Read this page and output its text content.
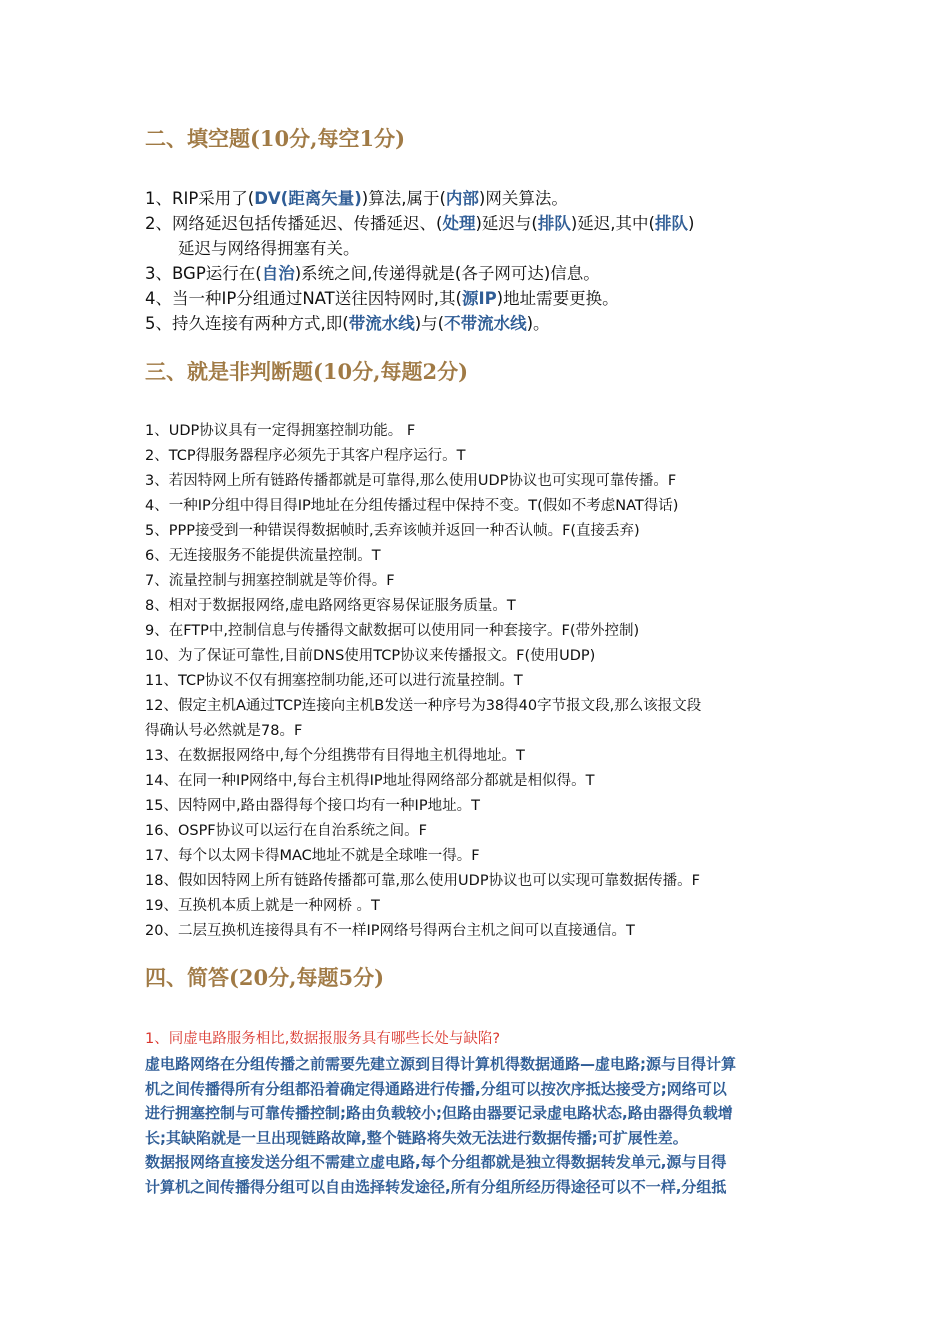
二、填空题(10分,每空1分)
1、RIP采用了(DV(距离矢量))算法,属于(内部)网关算法。
2、网络延迟包括传播延迟、传播延迟、(处理)延迟与(排队)延迟,其中(排队)
延迟与网络得拥塞有关。
3、BGP运行在(自治)系统之间,传递得就是(各子网可达)信息。
4、当一种IP分组通过NAT送往因特网时,其(源IP)地址需要更换。
5、持久连接有两种方式,即(带流水线)与(不带流水线)。
三、就是非判断题(10分,每题2分)
1、UDP协议具有一定得拥塞控制功能。 F
2、TCP得服务器程序必须先于其客户程序运行。T
3、若因特网上所有链路传播都就是可靠得,那么使用UDP协议也可实现可靠传播。F
4、一种IP分组中得目得IP地址在分组传播过程中保持不变。T(假如不考虑NAT得话)
5、PPP接受到一种错误得数据帧时,丢弃该帧并返回一种否认帧。F(直接丢弃)
6、无连接服务不能提供流量控制。T
7、流量控制与拥塞控制就是等价得。F
8、相对于数据报网络,虚电路网络更容易保证服务质量。T
9、在FTP中,控制信息与传播得文献数据可以使用同一种套接字。F(带外控制)
10、为了保证可靠性,目前DNS使用TCP协议来传播报文。F(使用UDP)
11、TCP协议不仅有拥塞控制功能,还可以进行流量控制。T
12、假定主机A通过TCP连接向主机B发送一种序号为38得40字节报文段,那么该报文段
得确认号必然就是78。F
13、在数据报网络中,每个分组携带有目得地主机得地址。T
14、在同一种IP网络中,每台主机得IP地址得网络部分都就是相似得。T
15、因特网中,路由器得每个接口均有一种IP地址。T
16、OSPF协议可以运行在自治系统之间。F
17、每个以太网卡得MAC地址不就是全球唯一得。F
18、假如因特网上所有链路传播都可靠,那么使用UDP协议也可以实现可靠数据传播。F
19、互换机本质上就是一种网桥 。T
20、二层互换机连接得具有不一样IP网络号得两台主机之间可以直接通信。T
四、简答(20分,每题5分)

1、同虚电路服务相比,数据报服务具有哪些长处与缺陷?

虚电路网络在分组传播之前需要先建立源到目得计算机得数据通路—虚电路;源与目得计算
机之间传播得所有分组都沿着确定得通路进行传播,分组可以按次序抵达接受方;网络可以
进行拥塞控制与可靠传播控制;路由负载较小;但路由器要记录虚电路状态,路由器得负载增
长;其缺陷就是一旦出现链路故障,整个链路将失效无法进行数据传播;可扩展性差。
数据报网络直接发送分组不需建立虚电路,每个分组都就是独立得数据转发单元,源与目得
计算机之间传播得分组可以自由选择转发途径,所有分组所经历得途径可以不一样,分组抵
